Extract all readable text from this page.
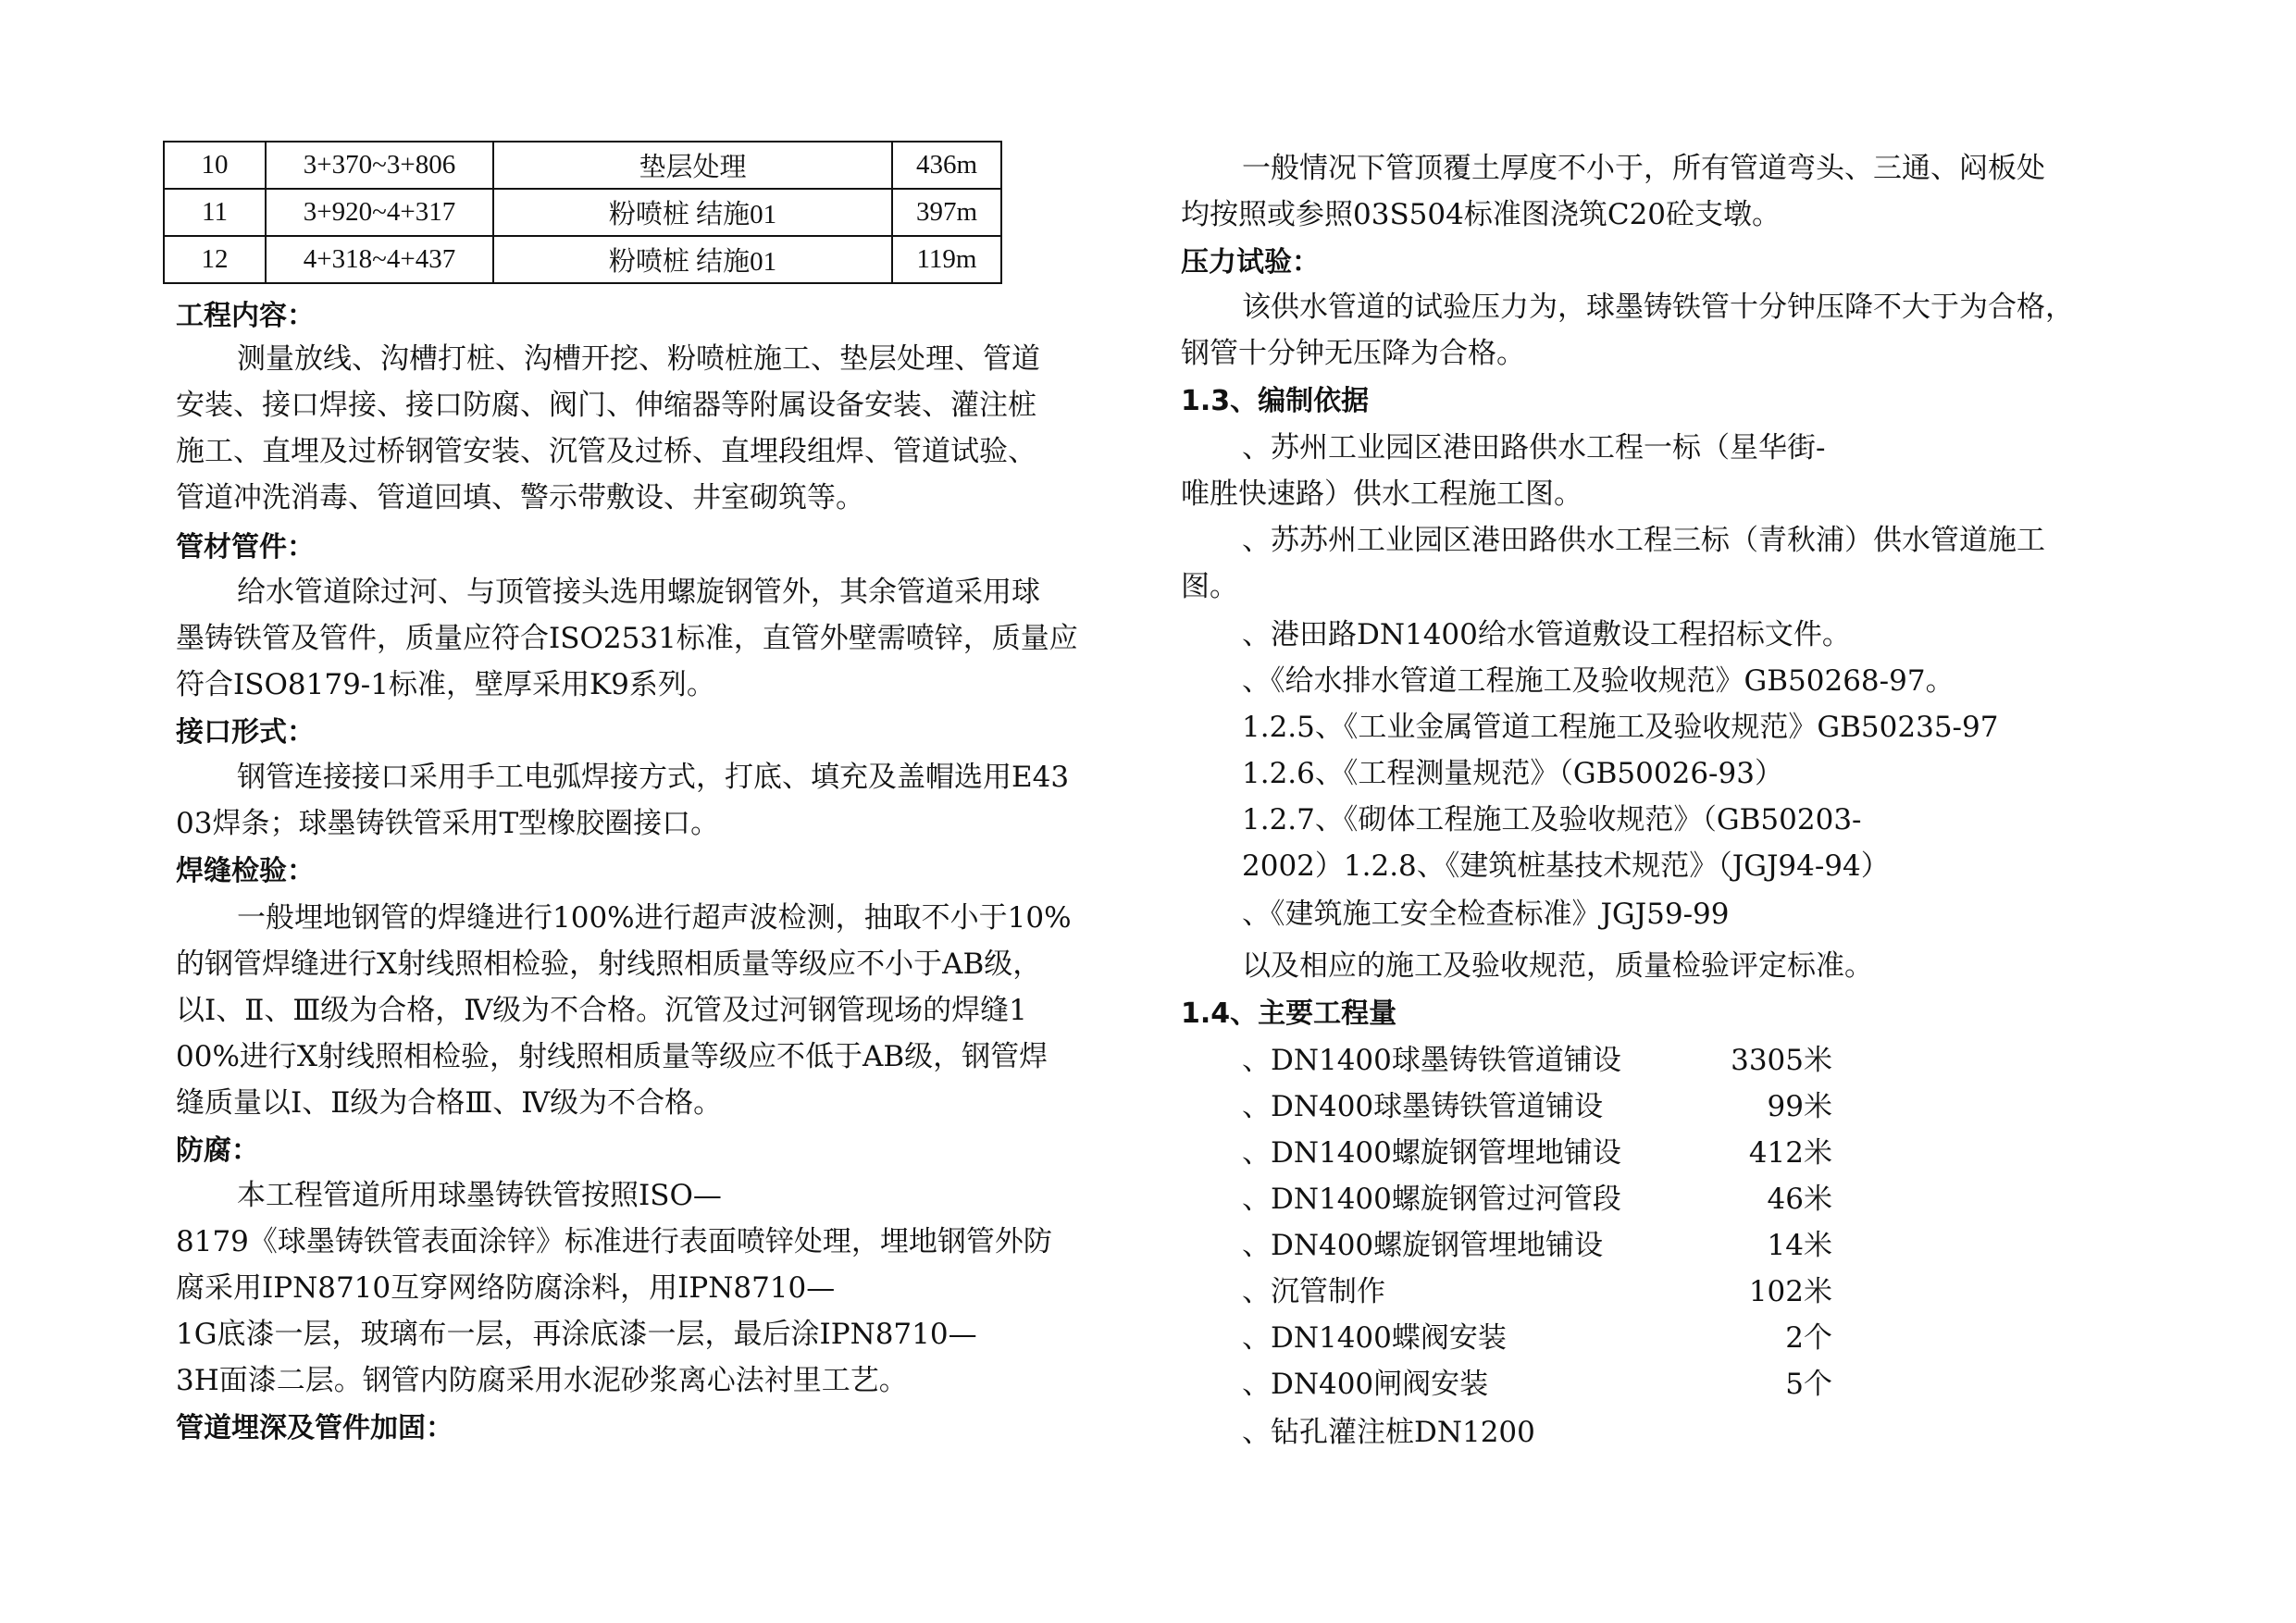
10	3+370~3+806	垫层处理	436m
11	3+920~4+317	粉喷桩 结施01	397m
12	4+318~4+437	粉喷桩 结施01	119m
工程内容：
测量放线、沟槽打桩、沟槽开挖、粉喷桩施工、垫层处理、管道
安装、接口焊接、接口防腐、阀门、伸缩器等附属设备安装、灌注桩
施工、直埋及过桥钢管安装、沉管及过桥、直埋段组焊、管道试验、
管道冲洗消毒、管道回填、警示带敷设、井室砌筑等。
管材管件：
给水管道除过河、与顶管接头选用螺旋钢管外，其余管道采用球
墨铸铁管及管件，质量应符合ISO2531标准，直管外壁需喷锌，质量应
符合ISO8179-1标准，壁厚采用K9系列。
接口形式：
钢管连接接口采用手工电弧焊接方式，打底、填充及盖帽选用E43
03焊条；球墨铸铁管采用T型橡胶圈接口。
焊缝检验：
一般埋地钢管的焊缝进行100%进行超声波检测，抽取不小于10%
的钢管焊缝进行X射线照相检验，射线照相质量等级应不小于AB级，
以Ⅰ、Ⅱ、Ⅲ级为合格，Ⅳ级为不合格。沉管及过河钢管现场的焊缝1
00%进行X射线照相检验，射线照相质量等级应不低于AB级，钢管焊
缝质量以Ⅰ、Ⅱ级为合格Ⅲ、Ⅳ级为不合格。
防腐：
本工程管道所用球墨铸铁管按照ISO—
8179《球墨铸铁管表面涂锌》标准进行表面喷锌处理，埋地钢管外防
腐采用IPN8710互穿网络防腐涂料，用IPN8710—
1G底漆一层，玻璃布一层，再涂底漆一层，最后涂IPN8710—
3H面漆二层。钢管内防腐采用水泥砂浆离心法衬里工艺。
管道埋深及管件加固：
一般情况下管顶覆土厚度不小于，所有管道弯头、三通、闷板处
均按照或参照03S504标准图浇筑C20砼支墩。
压力试验：
该供水管道的试验压力为，球墨铸铁管十分钟压降不大于为合格，
钢管十分钟无压降为合格。
1.3、编制依据
、苏州工业园区港田路供水工程一标（星华街-
唯胜快速路）供水工程施工图。
、苏苏州工业园区港田路供水工程三标（青秋浦）供水管道施工
图。
、港田路DN1400给水管道敷设工程招标文件。
、《给水排水管道工程施工及验收规范》GB50268-97。
1.2.5、《工业金属管道工程施工及验收规范》GB50235-97
1.2.6、《工程测量规范》（GB50026-93）
1.2.7、《砌体工程施工及验收规范》（GB50203-
2002）1.2.8、《建筑桩基技术规范》（JGJ94-94）
、《建筑施工安全检查标准》JGJ59-99
以及相应的施工及验收规范，质量检验评定标准。
1.4、主要工程量
、DN1400球墨铸铁管道铺设	3305米
、DN400球墨铸铁管道铺设	99米
、DN1400螺旋钢管埋地铺设	412米
、DN1400螺旋钢管过河管段	46米
、DN400螺旋钢管埋地铺设	14米
、沉管制作	102米
、DN1400蝶阀安装	2个
、DN400闸阀安装	5个
、钻孔灌注桩DN1200
